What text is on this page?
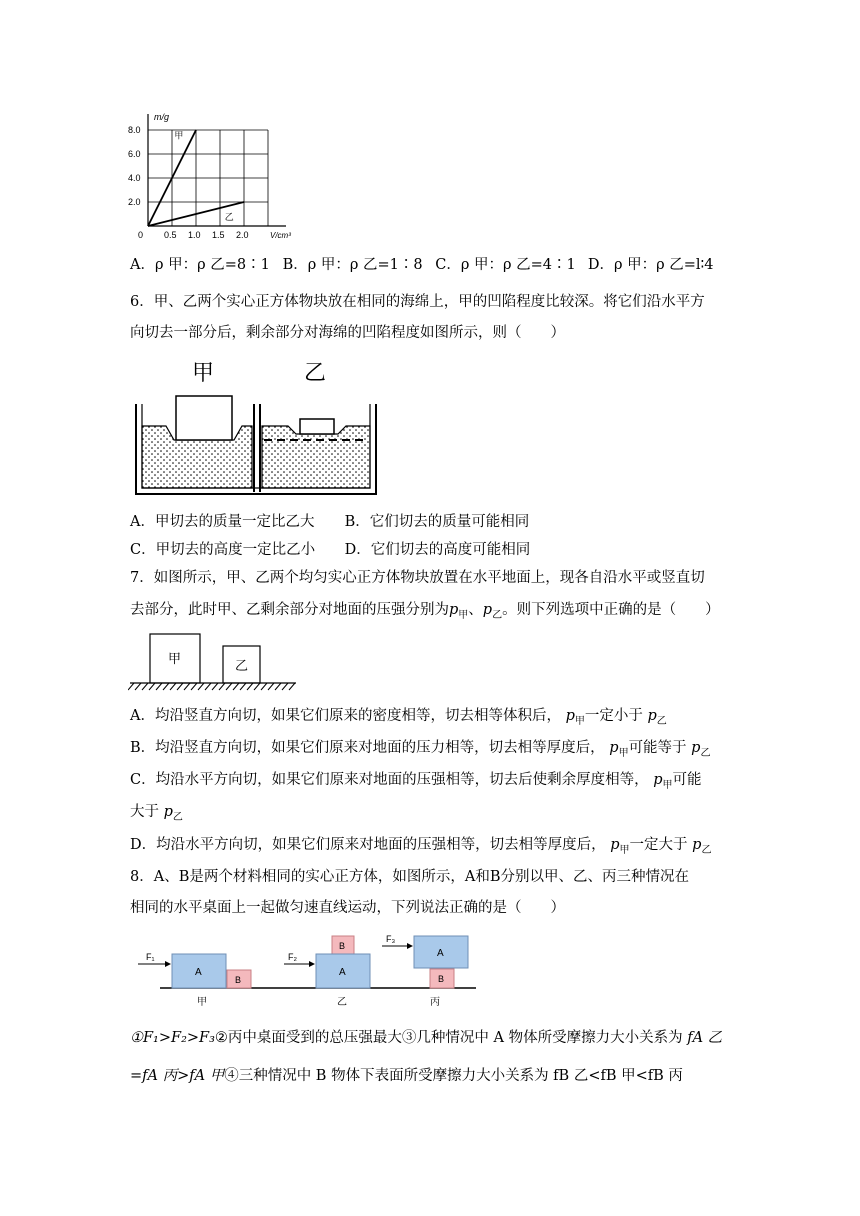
0.5 1.0 1.5 2.0
2.0
4.0
6.0
8.0
0
m/g
V/cm³
甲
乙
A．ρ 甲：ρ 乙=8∶1 B．ρ 甲：ρ 乙=1∶8 C．ρ 甲：ρ 乙=4∶1 D．ρ 甲：ρ 乙=l∶4
6．甲、乙两个实心正方体物块放在相同的海绵上，甲的凹陷程度比较深。将它们沿水平方
向切去一部分后，剩余部分对海绵的凹陷程度如图所示，则（　　）
甲	乙
A．甲切去的质量一定比乙大 B．它们切去的质量可能相同
C．甲切去的高度一定比乙小 D．它们切去的高度可能相同
7．如图所示，甲、乙两个均匀实心正方体物块放置在水平地面上，现各自沿水平或竖直切
去部分，此时甲、乙剩余部分对地面的压强分别为$p_甲$、$p_乙$。则下列选项中正确的是（　　）
甲	乙
A．均沿竖直方向切，如果它们原来的密度相等，切去相等体积后， $p_甲$一定小于 $p_乙$
B．均沿竖直方向切，如果它们原来对地面的压力相等，切去相等厚度后， $p_甲$可能等于 $p_乙$
C．均沿水平方向切，如果它们原来对地面的压强相等，切去后使剩余厚度相等， $p_甲$可能
大于 $p_乙$
D．均沿水平方向切，如果它们原来对地面的压强相等，切去相等厚度后， $p_甲$一定大于 $p_乙$
8．A、B是两个材料相同的实心正方体，如图所示，A和B分别以甲、乙、丙三种情况在
相同的水平桌面上一起做匀速直线运动，下列说法正确的是（　　）
F₁
A
B
甲
F₂
B
A
乙
F₃
A
B
丙
①F₁>F₂>F₃②丙中桌面受到的总压强最大③几种情况中 A 物体所受摩擦力大小关系为 fA 乙
=fA 丙>fA 甲④三种情况中 B 物体下表面所受摩擦力大小关系为 fB 乙<fB 甲<fB 丙
